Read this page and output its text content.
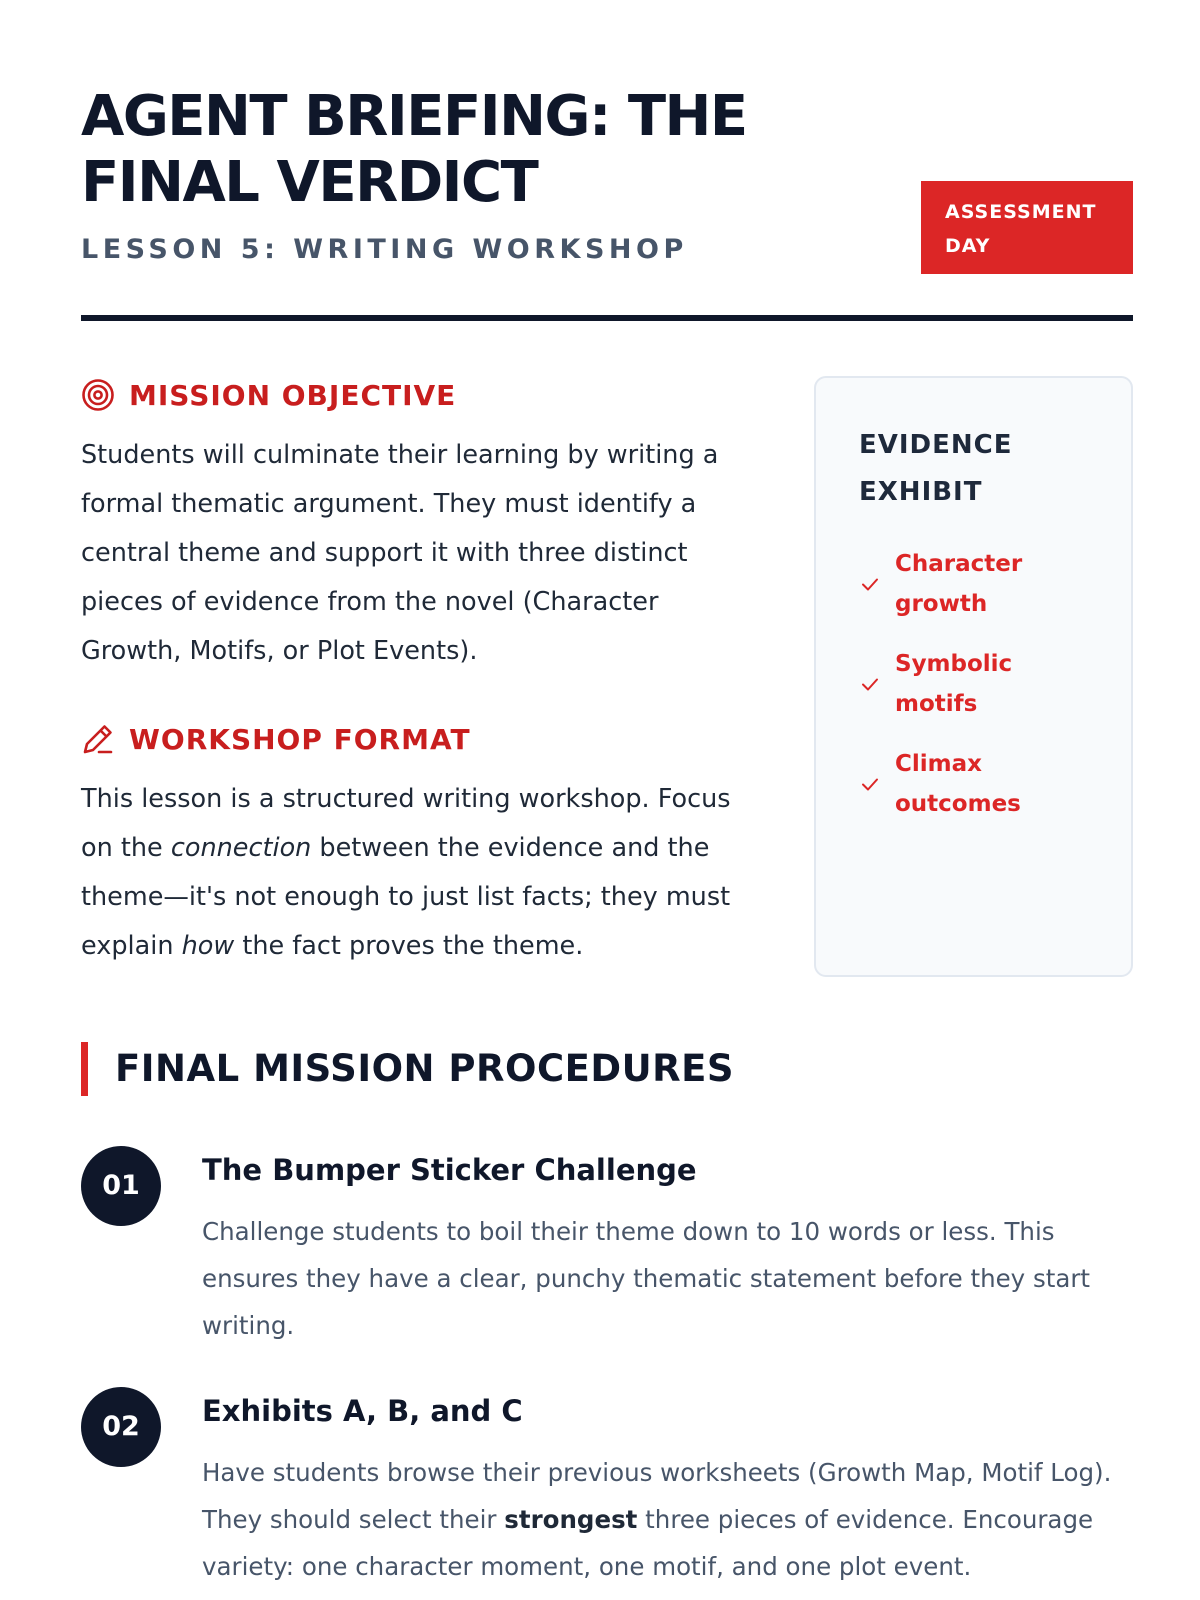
AGENT BRIEFING: THE FINAL VERDICT
LESSON 5: WRITING WORKSHOP
ASSESSMENT
DAY
MISSION OBJECTIVE

Students will culminate their learning by writing a formal thematic argument. They must identify a central theme and support it with three distinct pieces of evidence from the novel (Character Growth, Motifs, or Plot Events).

WORKSHOP FORMAT

This lesson is a structured writing workshop. Focus on the connection between the evidence and the theme—it's not enough to just list facts; they must explain how the fact proves the theme.

EVIDENCE EXHIBIT
Character growth
Symbolic motifs
Climax outcomes
FINAL MISSION PROCEDURES
01	The Bumper Sticker Challenge

Challenge students to boil their theme down to 10 words or less. This ensures they have a clear, punchy thematic statement before they start writing.

02	Exhibits A, B, and C

Have students browse their previous worksheets (Growth Map, Motif Log). They should select their strongest three pieces of evidence. Encourage variety: one character moment, one motif, and one plot event.
